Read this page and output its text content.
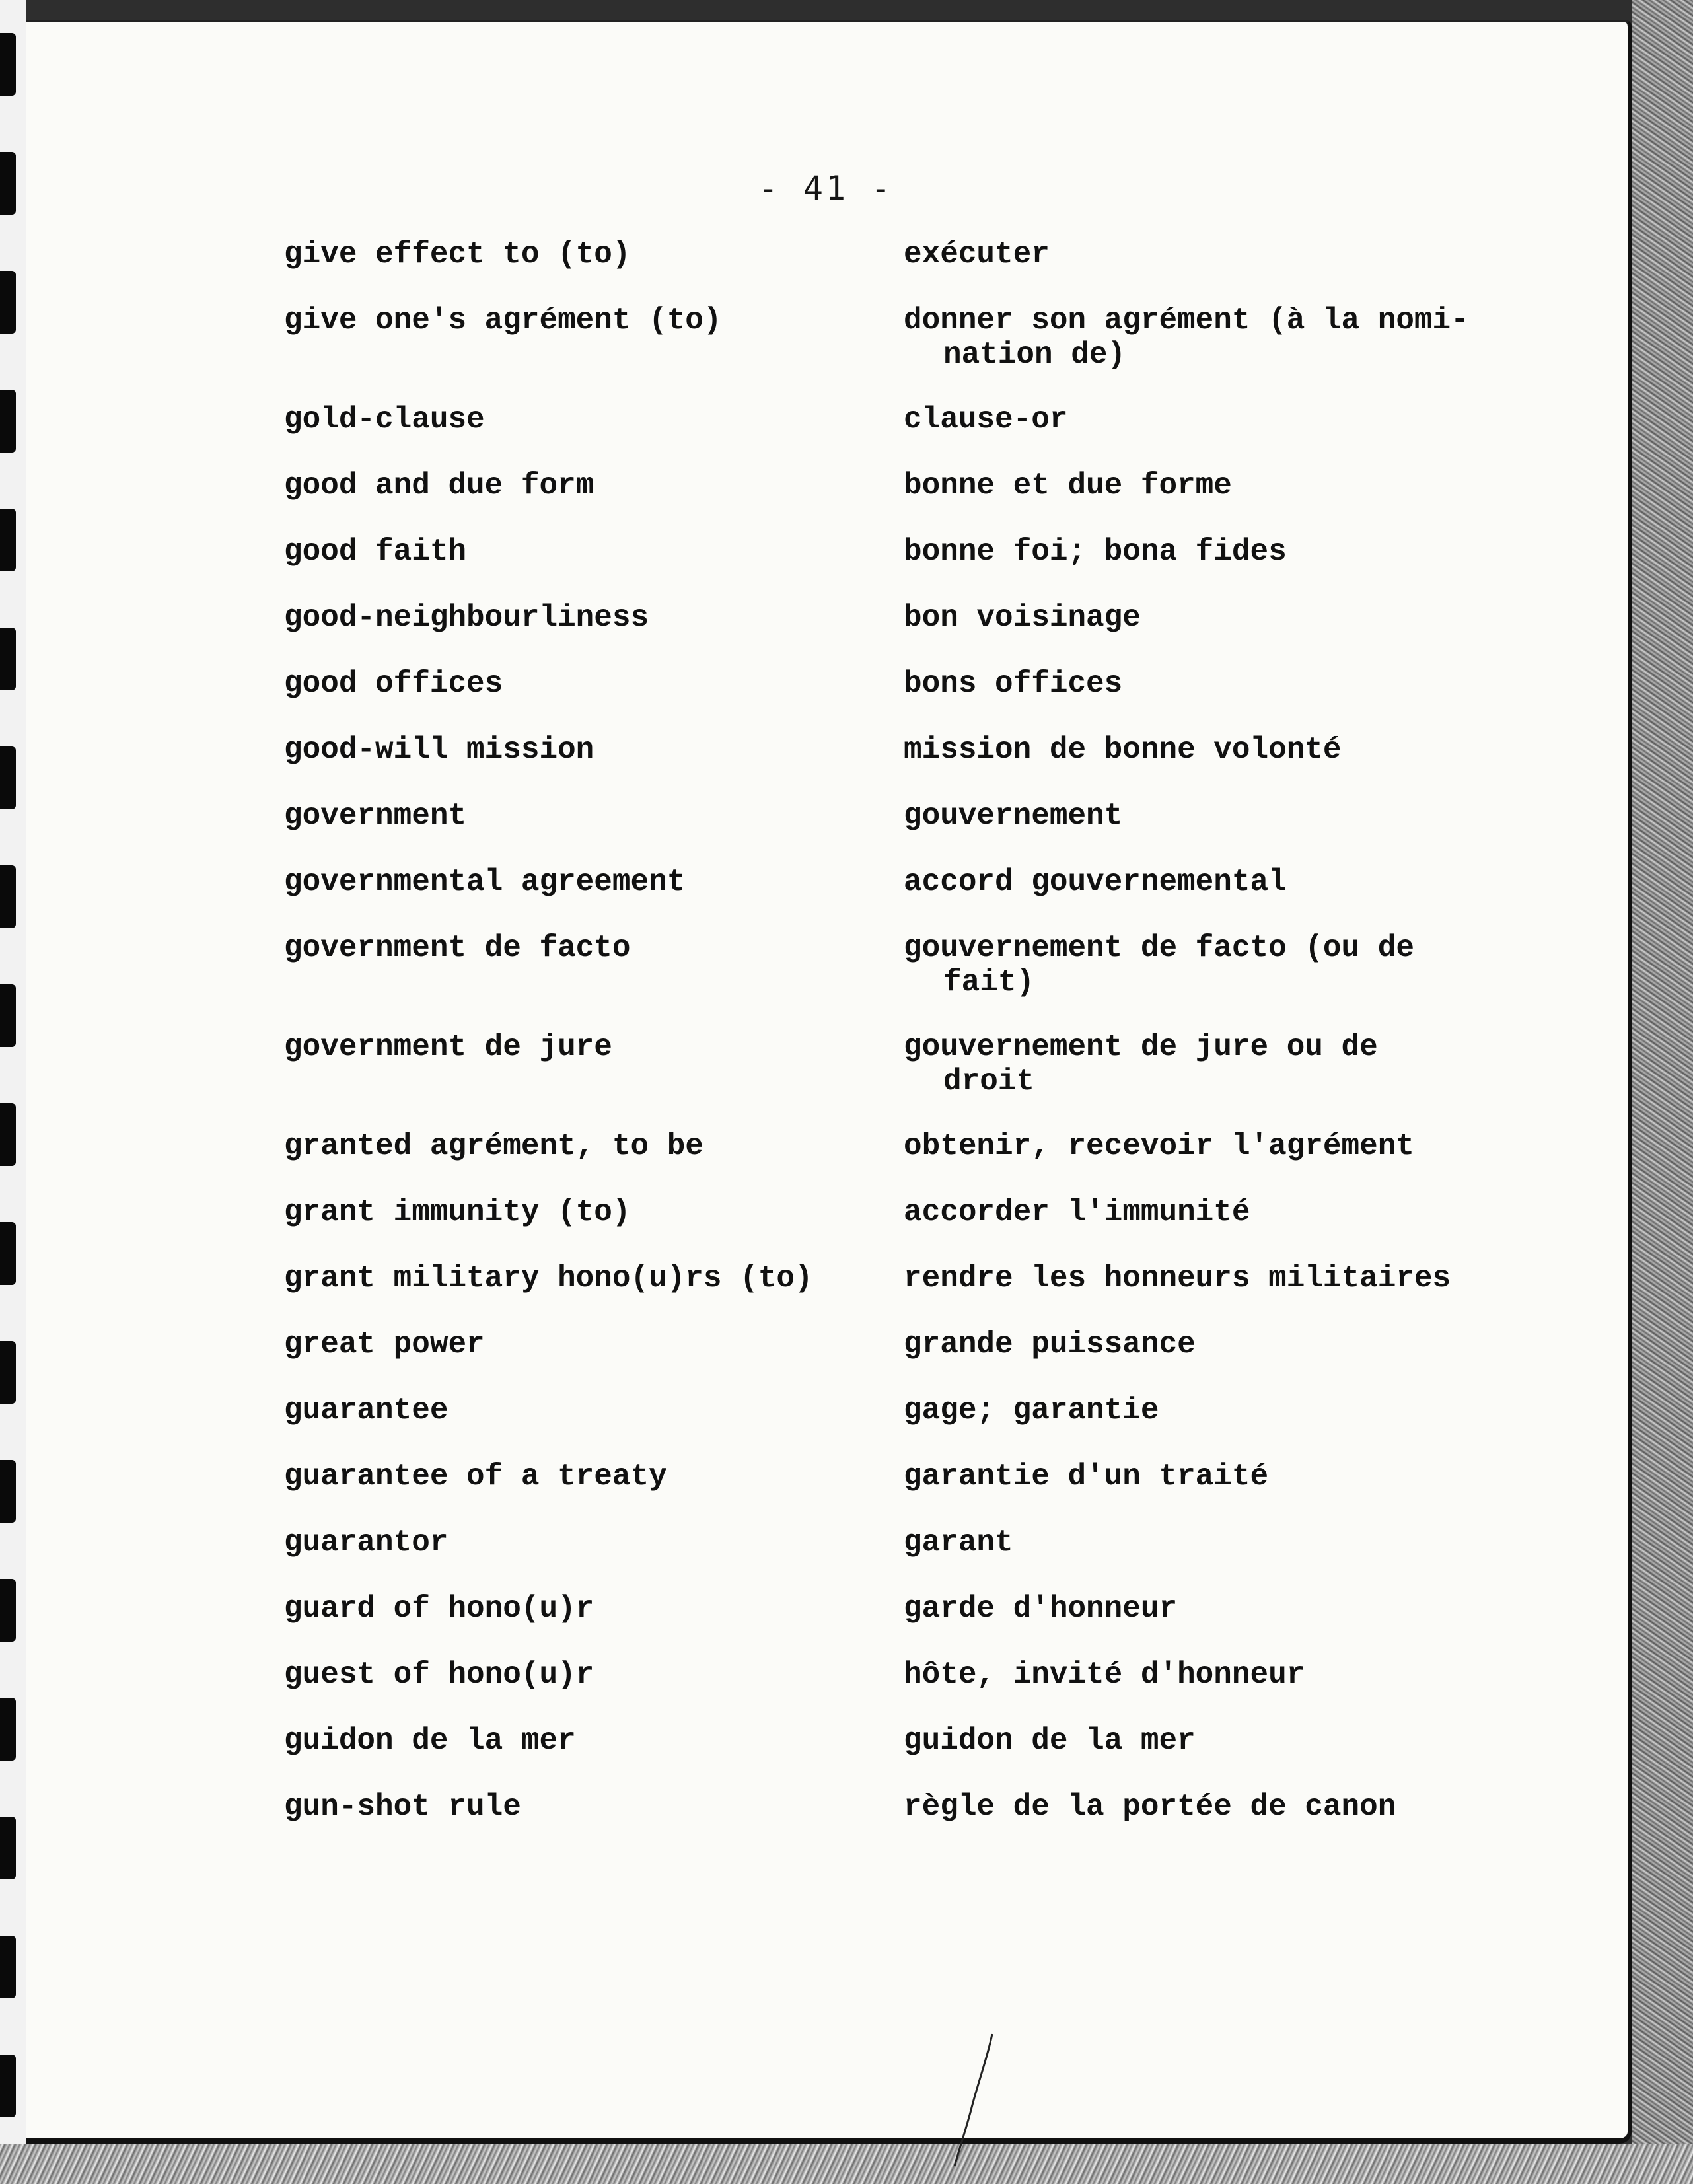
- 41 -
give effect to (to)	exécuter
give one's agrément (to)	donner son agrément (à la nomi-
nation de)
gold-clause	clause-or
good and due form	bonne et due forme
good faith	bonne foi; bona fides
good-neighbourliness	bon voisinage
good offices	bons offices
good-will mission	mission de bonne volonté
government	gouvernement
governmental agreement	accord gouvernemental
government de facto	gouvernement de facto (ou de
fait)
government de jure	gouvernement de jure ou de
droit
granted agrément, to be	obtenir, recevoir l'agrément
grant immunity (to)	accorder l'immunité
grant military hono(u)rs (to)	rendre les honneurs militaires
great power	grande puissance
guarantee	gage; garantie
guarantee of a treaty	garantie d'un traité
guarantor	garant
guard of hono(u)r	garde d'honneur
guest of hono(u)r	hôte, invité d'honneur
guidon de la mer	guidon de la mer
gun-shot rule	règle de la portée de canon
